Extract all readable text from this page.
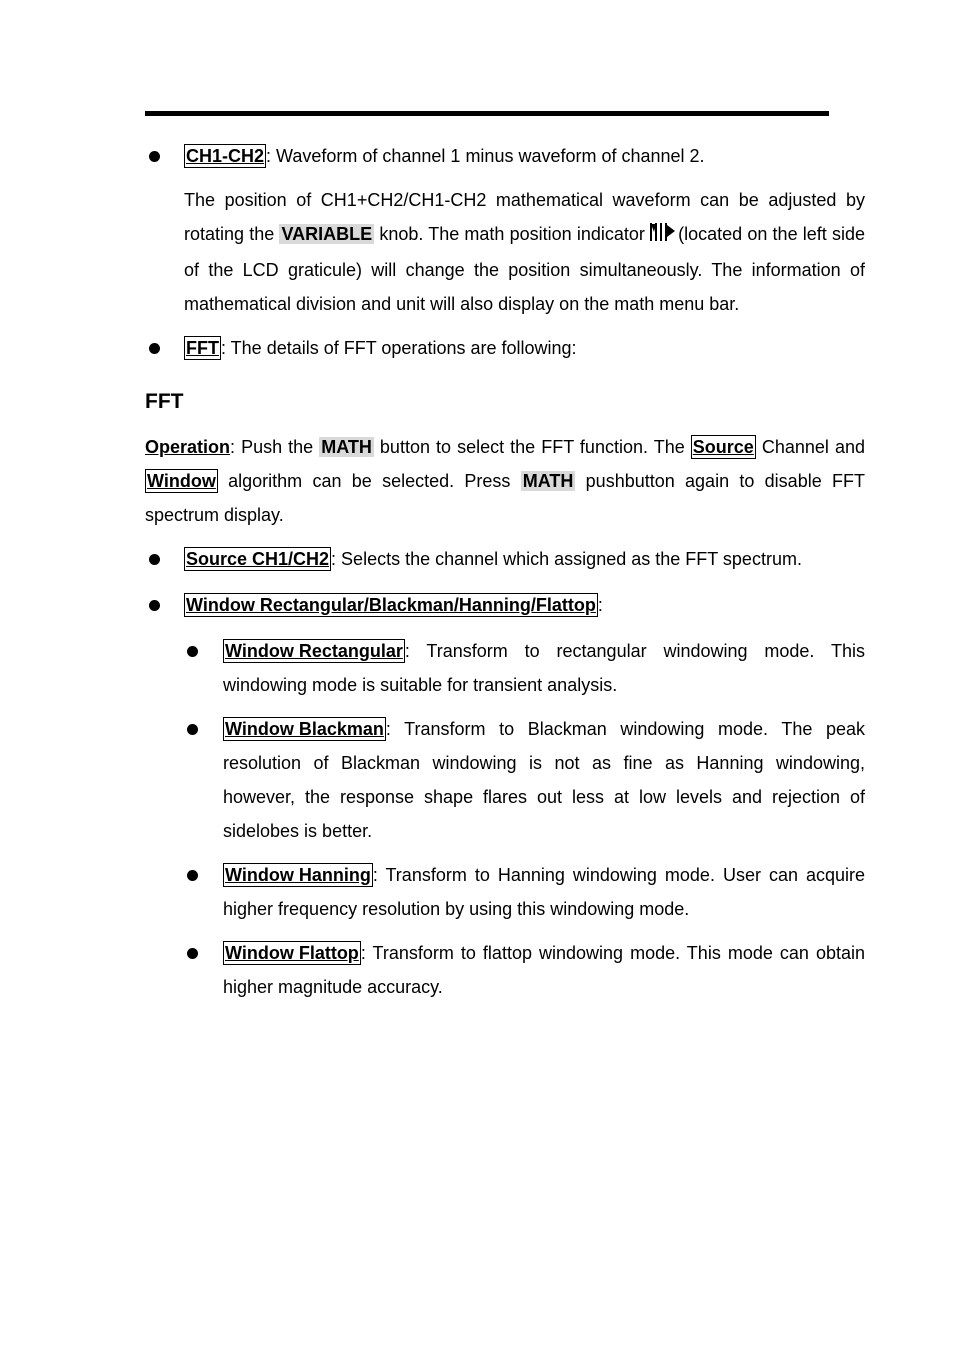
CH1-CH2 : Waveform of channel 1 minus waveform of channel 2.
The position of CH1+CH2/CH1-CH2 mathematical waveform can be adjusted by rotating the VARIABLE knob. The math position indicator (located on the left side of the LCD graticule) will change the position simultaneously. The information of mathematical division and unit will also display on the math menu bar.
FFT : The details of FFT operations are following:
FFT
Operation: Push the MATH button to select the FFT function. The Source Channel and Window algorithm can be selected. Press MATH pushbutton again to disable FFT spectrum display.
Source CH1/CH2 : Selects the channel which assigned as the FFT spectrum.
Window Rectangular/Blackman/Hanning/Flattop :
Window Rectangular : Transform to rectangular windowing mode. This windowing mode is suitable for transient analysis.
Window Blackman : Transform to Blackman windowing mode. The peak resolution of Blackman windowing is not as fine as Hanning windowing, however, the response shape flares out less at low levels and rejection of sidelobes is better.
Window Hanning : Transform to Hanning windowing mode. User can acquire higher frequency resolution by using this windowing mode.
Window Flattop : Transform to flattop windowing mode. This mode can obtain higher magnitude accuracy.
